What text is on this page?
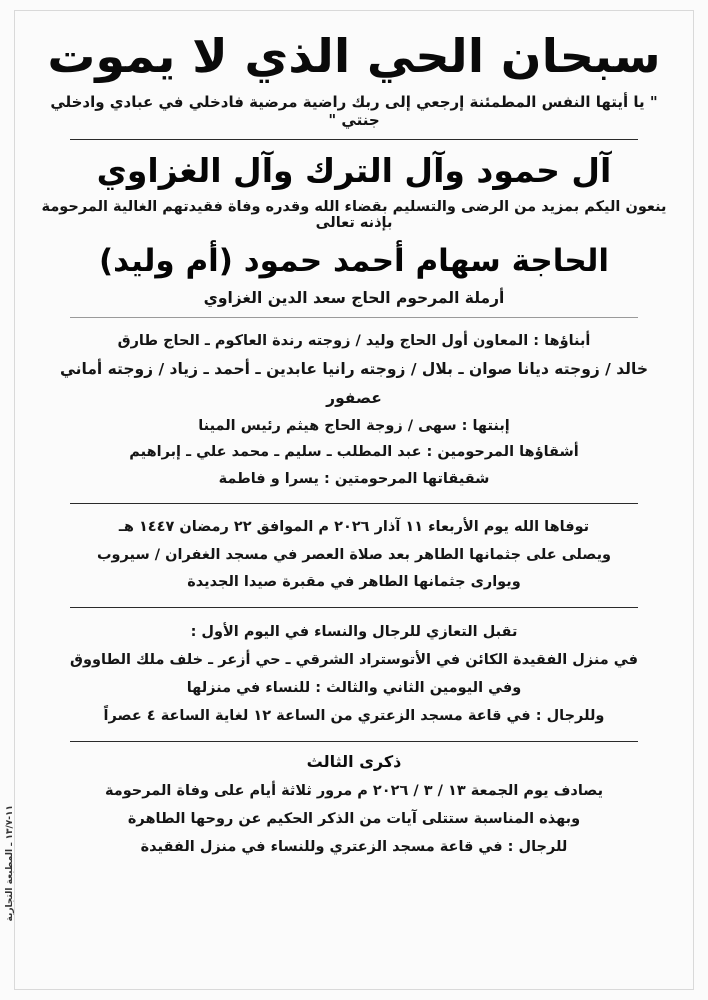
سبحان الحي الذي لا يموت
" يا أيتها النفس المطمئنة إرجعي إلى ربك راضية مرضية فادخلي في عبادي وادخلي جنتي "
آل حمود وآل الترك وآل الغزاوي
ينعون اليكم بمزيد من الرضى والتسليم بقضاء الله وقدره وفاة فقيدتهم الغالية المرحومة بإذنه تعالى
الحاجة سهام أحمد حمود (أم وليد)
أرملة المرحوم الحاج سعد الدين الغزاوي

أبناؤها : المعاون أول الحاج وليد / زوجته رندة العاكوم ـ الحاج طارق

خالد / زوجته ديانا صوان ـ بلال / زوجته رانيا عابدين ـ أحمد ـ زياد / زوجته أماني عصفور

إبنتها : سهى / زوجة الحاج هيثم رئيس المينا

أشقاؤها المرحومين : عبد المطلب ـ سليم ـ محمد علي ـ إبراهيم

شقيقاتها المرحومتين : يسرا و فاطمة

توفاها الله يوم الأربعاء ١١ آذار ٢٠٢٦ م الموافق ٢٢ رمضان ١٤٤٧ هـ

ويصلى على جثمانها الطاهر بعد صلاة العصر في مسجد الغفران / سيروب

ويوارى جثمانها الطاهر في مقبرة صيدا الجديدة

تقبل التعازي للرجال والنساء في اليوم الأول :

في منزل الفقيدة الكائن في الأتوستراد الشرقي ـ حي أزعر ـ خلف ملك الطاووق

وفي اليومين الثاني والثالث : للنساء في منزلها

وللرجال : في قاعة مسجد الزعتري من الساعة ١٢ لغاية الساعة ٤ عصراً

ذكرى الثالث

يصادف يوم الجمعة ١٣ / ٣ / ٢٠٢٦ م مرور ثلاثة أيام على وفاة المرحومة

وبهذه المناسبة ستتلى آيات من الذكر الحكيم عن روحها الطاهرة

للرجال : في قاعة مسجد الزعتري وللنساء في منزل الفقيدة

١١-١٣/٧ ـ المطبعة التجارية
